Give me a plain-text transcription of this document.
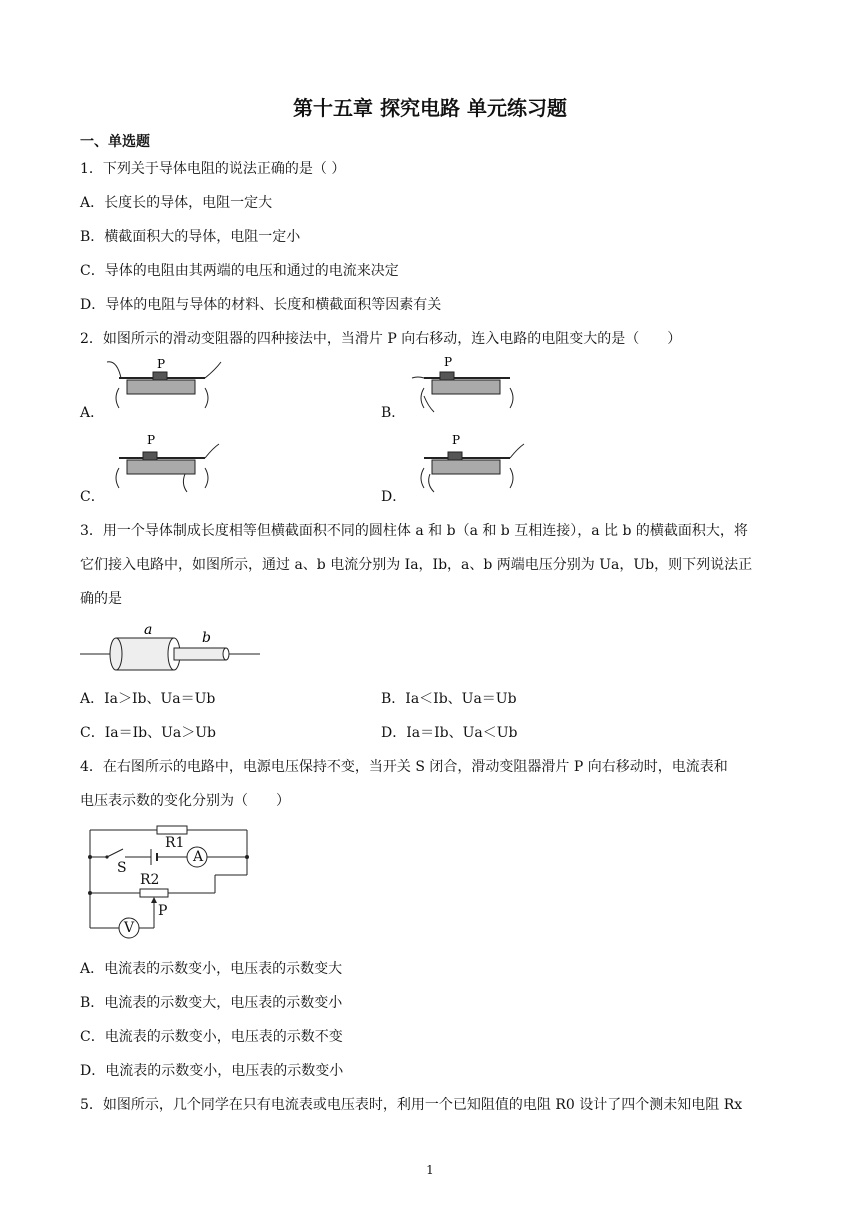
第十五章 探究电路 单元练习题
一、单选题
1．下列关于导体电阻的说法正确的是（ ）
A．长度长的导体，电阻一定大
B．横截面积大的导体，电阻一定小
C．导体的电阻由其两端的电压和通过的电流来决定
D．导体的电阻与导体的材料、长度和横截面积等因素有关
2．如图所示的滑动变阻器的四种接法中，当滑片 P 向右移动，连入电路的电阻变大的是（　　）
A．	B．
C．	D．
P	P
P	P
3．用一个导体制成长度相等但横截面积不同的圆柱体 a 和 b（a 和 b 互相连接），a 比 b 的横截面积大，将
它们接入电路中，如图所示，通过 a、b 电流分别为 Ia，Ib，a、b 两端电压分别为 Ua，Ub，则下列说法正
确的是
a	b
A．Ia＞Ib、Ua＝Ub	B．Ia＜Ib、Ua＝Ub
C．Ia＝Ib、Ua＞Ub	D．Ia＝Ib、Ua＜Ub
4．在右图所示的电路中，电源电压保持不变，当开关 S 闭合，滑动变阻器滑片 P 向右移动时，电流表和
电压表示数的变化分别为（　　）
R1
A
S
R2
P
V
A．电流表的示数变小，电压表的示数变大
B．电流表的示数变大，电压表的示数变小
C．电流表的示数变小，电压表的示数不变
D．电流表的示数变小，电压表的示数变小
5．如图所示，几个同学在只有电流表或电压表时，利用一个已知阻值的电阻 R0 设计了四个测未知电阻 Rx
1
